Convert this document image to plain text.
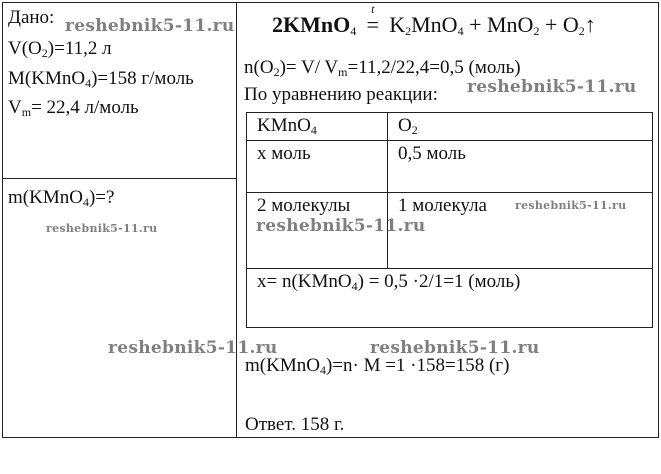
Дано:
$V(O_2)=11,2$ л
M(KMnO$_4$)=158 г/моль
$V_m= 22,4$ л/моль
m(KMnO$_4$)=?
2KMnO$_4$
t
= $K_2MnO_4 + MnO_2$ + $O_2↑$
$n(O_2)= V/$ $V_m=11,2/22,4=0,5$ (моль)
По уравнению реакции:
KMnO$_4$	$O_2$
x моль	0,5 моль
2 молекулы	1 молекула
x= n(KMnO$_4$) = 0,5 ·2/1=1 (моль)	
m(KMnO$_4$)=n· M =1 ·158=158 (г)
Ответ. 158 г.
reshebnik5-11.ru
reshebnik5-11.ru
reshebnik5-11.ru
reshebnik5-11.ru
reshebnik5-11.ru
reshebnik5-11.ru	reshebnik5-11.ru
